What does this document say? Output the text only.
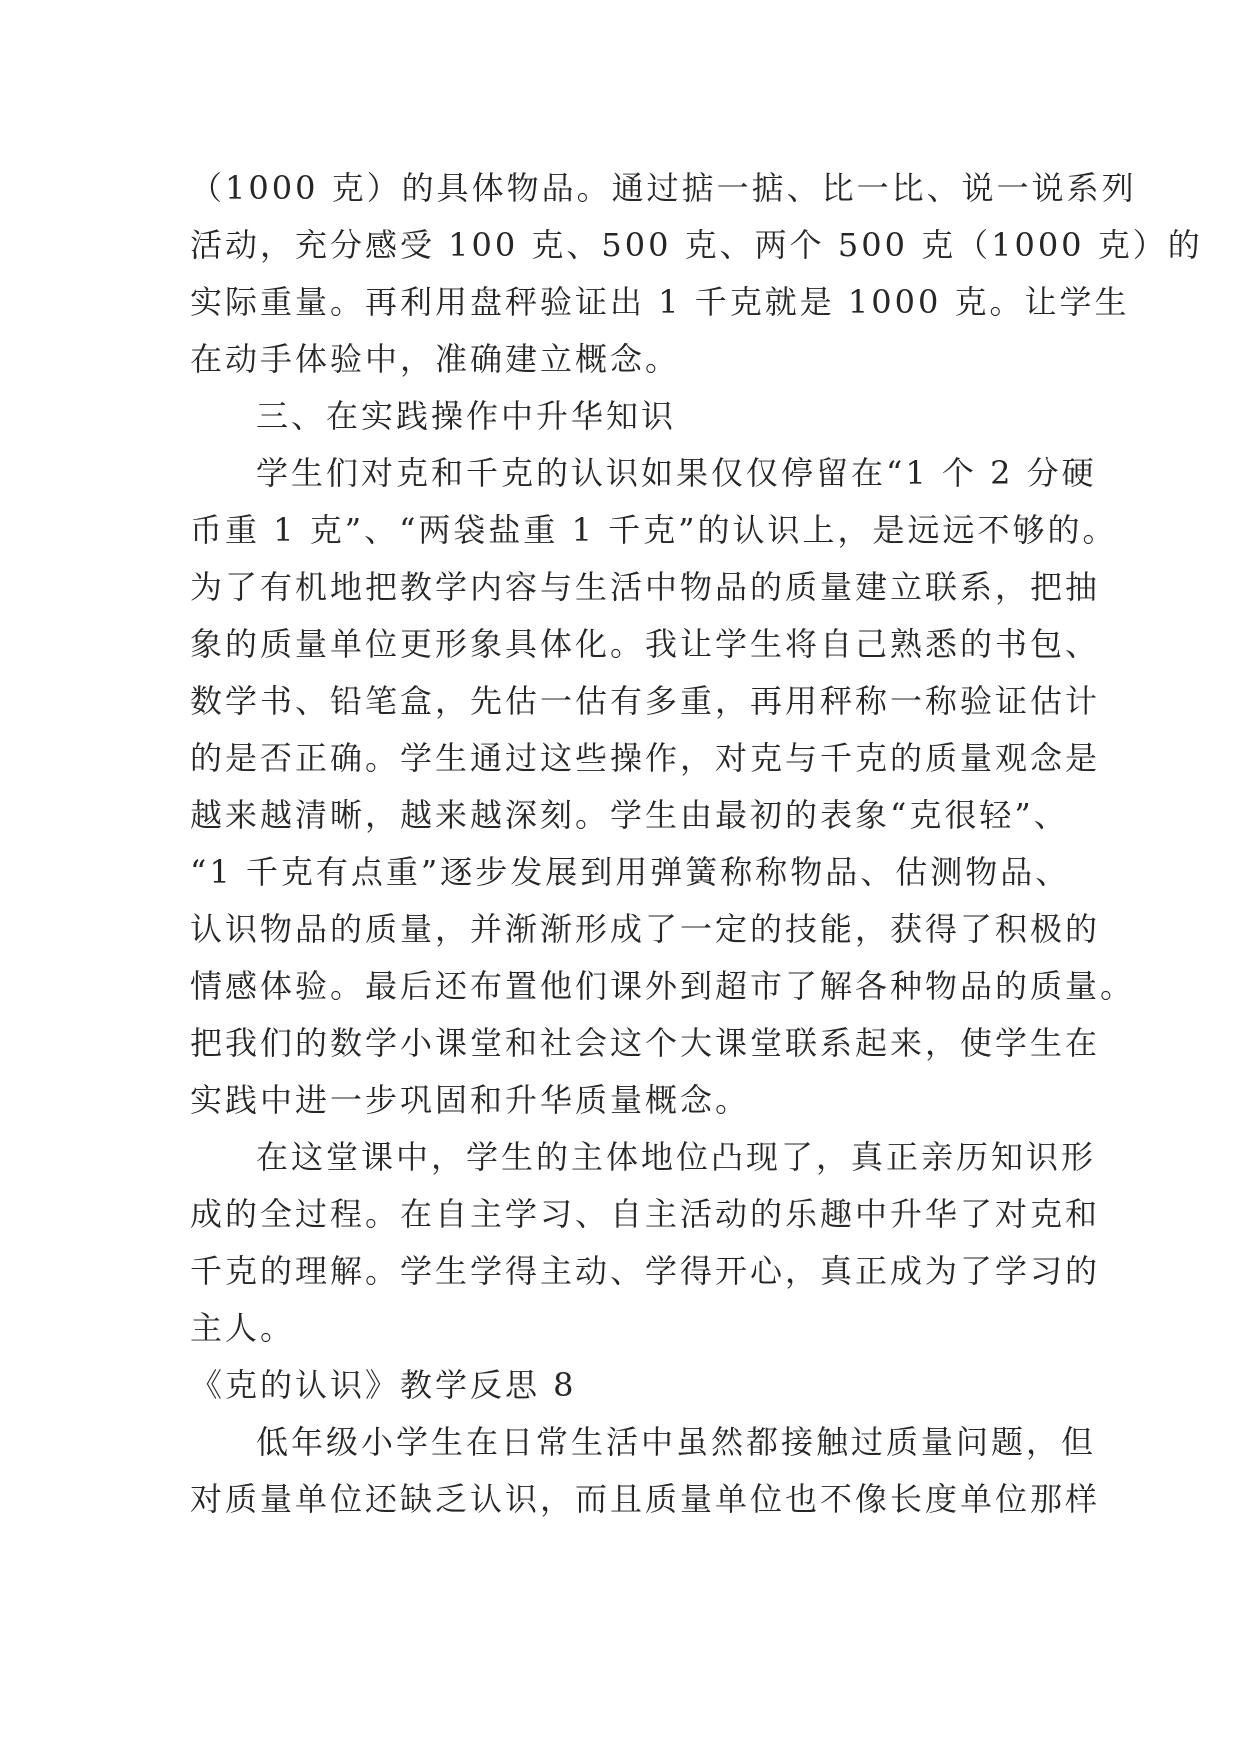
（1000 克）的具体物品。通过掂一掂、比一比、说一说系列
活动，充分感受 100 克、500 克、两个 500 克（1000 克）的
实际重量。再利用盘秤验证出 1 千克就是 1000 克。让学生
在动手体验中，准确建立概念。
三、在实践操作中升华知识
学生们对克和千克的认识如果仅仅停留在“1 个 2 分硬
币重 1 克”、“两袋盐重 1 千克”的认识上，是远远不够的。
为了有机地把教学内容与生活中物品的质量建立联系，把抽
象的质量单位更形象具体化。我让学生将自己熟悉的书包、
数学书、铅笔盒，先估一估有多重，再用秤称一称验证估计
的是否正确。学生通过这些操作，对克与千克的质量观念是
越来越清晰，越来越深刻。学生由最初的表象“克很轻”、
“1 千克有点重”逐步发展到用弹簧称称物品、估测物品、
认识物品的质量，并渐渐形成了一定的技能，获得了积极的
情感体验。最后还布置他们课外到超市了解各种物品的质量。
把我们的数学小课堂和社会这个大课堂联系起来，使学生在
实践中进一步巩固和升华质量概念。
在这堂课中，学生的主体地位凸现了，真正亲历知识形
成的全过程。在自主学习、自主活动的乐趣中升华了对克和
千克的理解。学生学得主动、学得开心，真正成为了学习的
主人。
《克的认识》教学反思 8
低年级小学生在日常生活中虽然都接触过质量问题，但
对质量单位还缺乏认识，而且质量单位也不像长度单位那样
